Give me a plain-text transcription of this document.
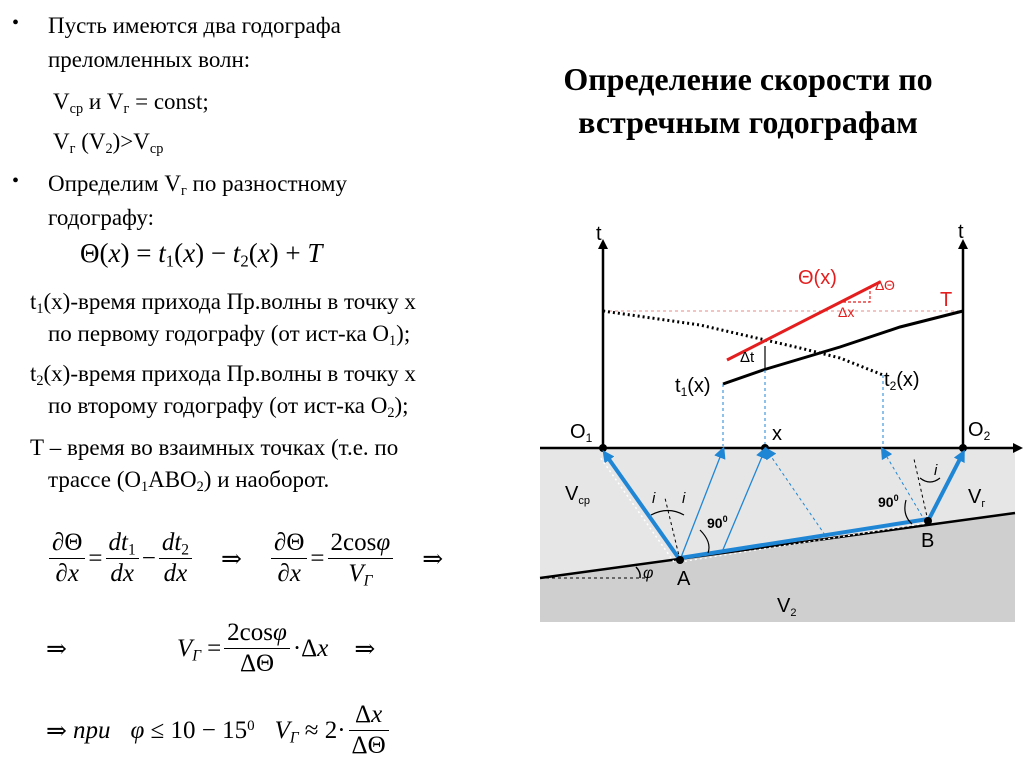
Определение скорости по
встречным годографам
• Пусть имеются два годографа
преломленных волн:
$V_{ср}$ и $V_г$ = const;
$V_г$ $(V_2)>V_{ср}$
• Определим $V_г$ по разностному
годографу:
$\Theta(x) = t_1(x) - t_2(x) + T$
$t_1(x)$-время прихода Пр.волны в точку х
по первому годографу (от ист-ка $О_1$);
$t_2(x)$-время прихода Пр.волны в точку х
по второму годографу (от ист-ка $О_2$);
Т – время во взаимных точках (т.е. по
трассе $(О_1АВО_2)$ и наоборот.
$\frac{\partial\Theta}{\partial x} = \frac{dt_1}{dx} - \frac{dt_2}{dx}$ ⇒ $\frac{\partial\Theta}{\partial x} = \frac{2\cos\varphi}{V_Г}$ ⇒
⇒	$V_Г = \frac{2\cos\varphi}{\Delta\Theta} \cdot\Delta x$ ⇒
⇒ при $\varphi \le 10 - 15^0$ $V_Г \approx 2\cdot \frac{\Delta x}{\Delta\Theta}$
t	t
T
Θ(x)	ΔΘ
Δx
Δt
$t_1(x)$	$t_2(x)$
$O_1$	x	$O_2$
i i
i
$90^0$
$90^0$
A
B
φ
$V_{ср}$	$V_г$
$V_2$
